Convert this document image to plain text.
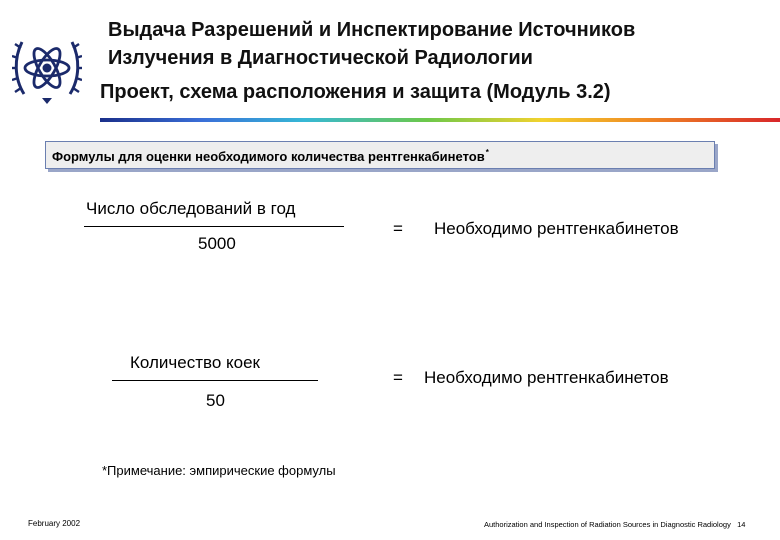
Выдача Разрешений и Инспектирование Источников
Излучения в Диагностической Радиологии
Проект, схема расположения и защита (Модуль 3.2)
Формулы для оценки необходимого количества рентгенкабинетов*
Число обследований в год
5000
= Необходимо рентгенкабинетов
Количество коек
50
= Необходимо рентгенкабинетов
*Примечание: эмпирические формулы
February 2002	Authorization and Inspection of Radiation Sources in Diagnostic Radiology 14
